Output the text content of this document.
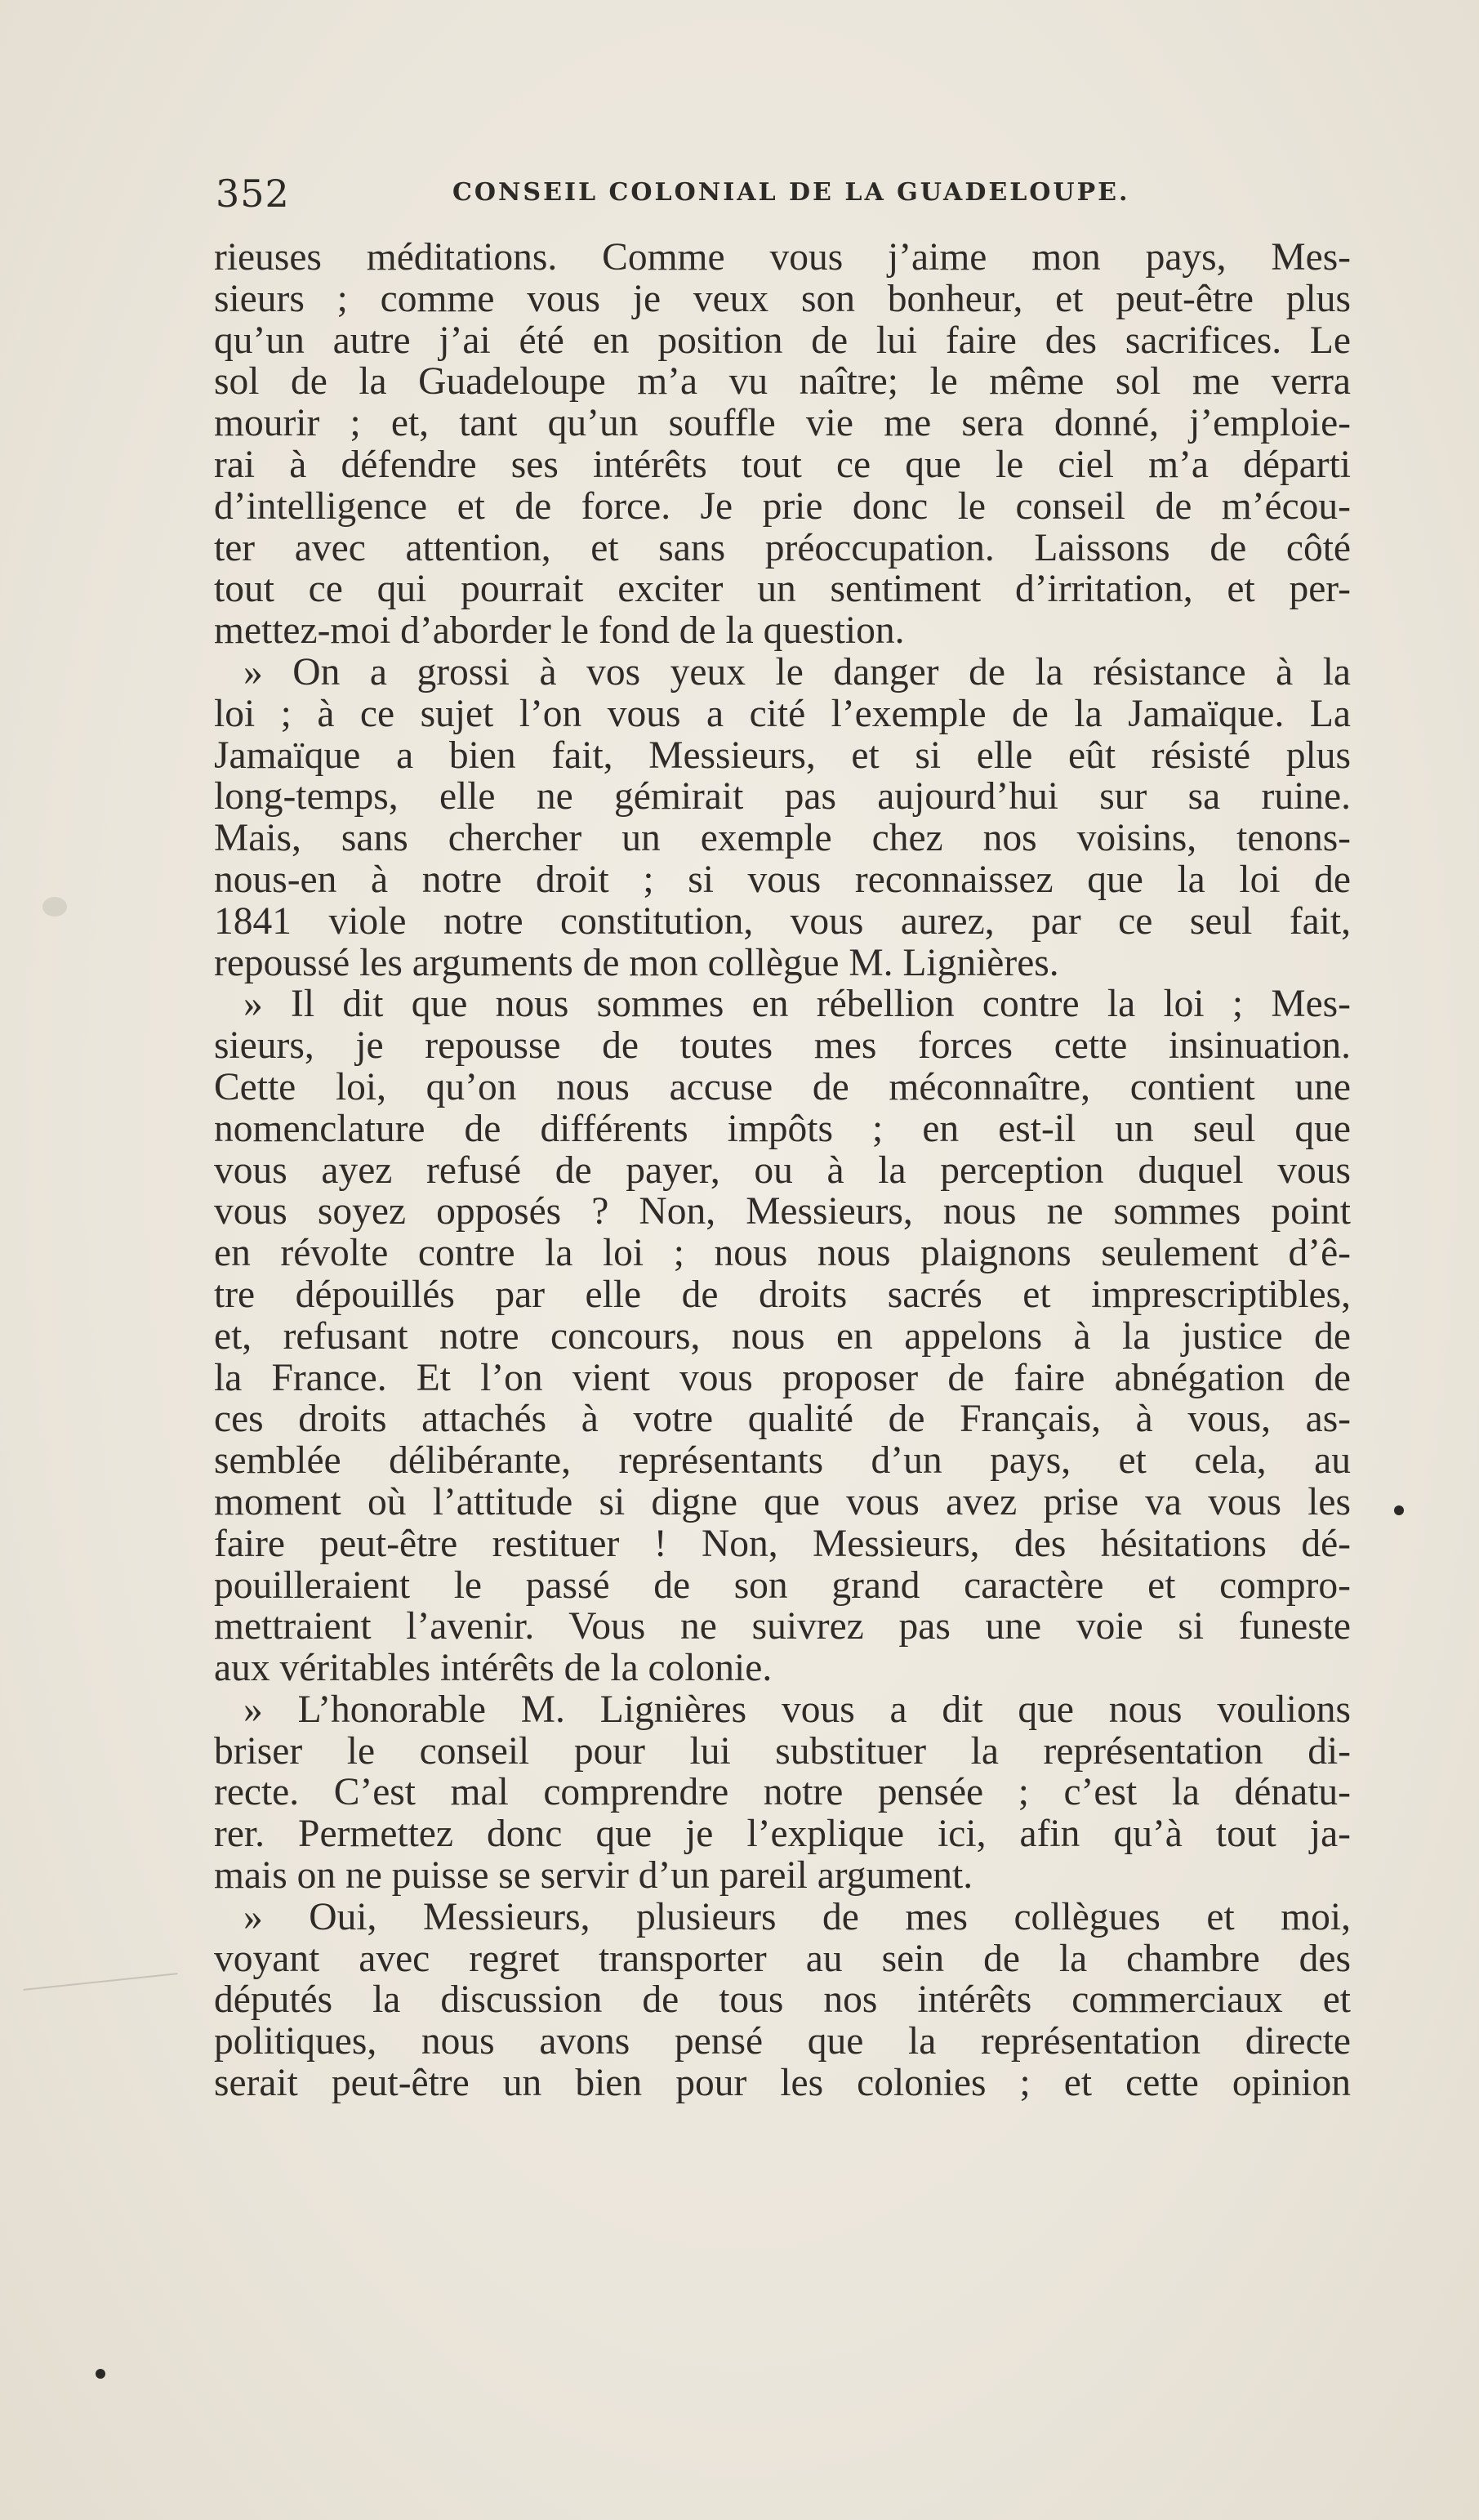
352	CONSEIL COLONIAL DE LA GUADELOUPE.
rieuses méditations. Comme vous j’aime mon pays, Mes-
sieurs ; comme vous je veux son bonheur, et peut-être plus
qu’un autre j’ai été en position de lui faire des sacrifices. Le
sol de la Guadeloupe m’a vu naître; le même sol me verra
mourir ; et, tant qu’un souffle vie me sera donné, j’emploie-
rai à défendre ses intérêts tout ce que le ciel m’a départi
d’intelligence et de force. Je prie donc le conseil de m’écou-
ter avec attention, et sans préoccupation. Laissons de côté
tout ce qui pourrait exciter un sentiment d’irritation, et per-
mettez-moi d’aborder le fond de la question.
» On a grossi à vos yeux le danger de la résistance à la
loi ; à ce sujet l’on vous a cité l’exemple de la Jamaïque. La
Jamaïque a bien fait, Messieurs, et si elle eût résisté plus
long-temps, elle ne gémirait pas aujourd’hui sur sa ruine.
Mais, sans chercher un exemple chez nos voisins, tenons-
nous-en à notre droit ; si vous reconnaissez que la loi de
1841 viole notre constitution, vous aurez, par ce seul fait,
repoussé les arguments de mon collègue M. Lignières.
» Il dit que nous sommes en rébellion contre la loi ; Mes-
sieurs, je repousse de toutes mes forces cette insinuation.
Cette loi, qu’on nous accuse de méconnaître, contient une
nomenclature de différents impôts ; en est-il un seul que
vous ayez refusé de payer, ou à la perception duquel vous
vous soyez opposés ? Non, Messieurs, nous ne sommes point
en révolte contre la loi ; nous nous plaignons seulement d’ê-
tre dépouillés par elle de droits sacrés et imprescriptibles,
et, refusant notre concours, nous en appelons à la justice de
la France. Et l’on vient vous proposer de faire abnégation de
ces droits attachés à votre qualité de Français, à vous, as-
semblée délibérante, représentants d’un pays, et cela, au
moment où l’attitude si digne que vous avez prise va vous les
faire peut-être restituer ! Non, Messieurs, des hésitations dé-
pouilleraient le passé de son grand caractère et compro-
mettraient l’avenir. Vous ne suivrez pas une voie si funeste
aux véritables intérêts de la colonie.
» L’honorable M. Lignières vous a dit que nous voulions
briser le conseil pour lui substituer la représentation di-
recte. C’est mal comprendre notre pensée ; c’est la dénatu-
rer. Permettez donc que je l’explique ici, afin qu’à tout ja-
mais on ne puisse se servir d’un pareil argument.
» Oui, Messieurs, plusieurs de mes collègues et moi,
voyant avec regret transporter au sein de la chambre des
députés la discussion de tous nos intérêts commerciaux et
politiques, nous avons pensé que la représentation directe
serait peut-être un bien pour les colonies ; et cette opinion
